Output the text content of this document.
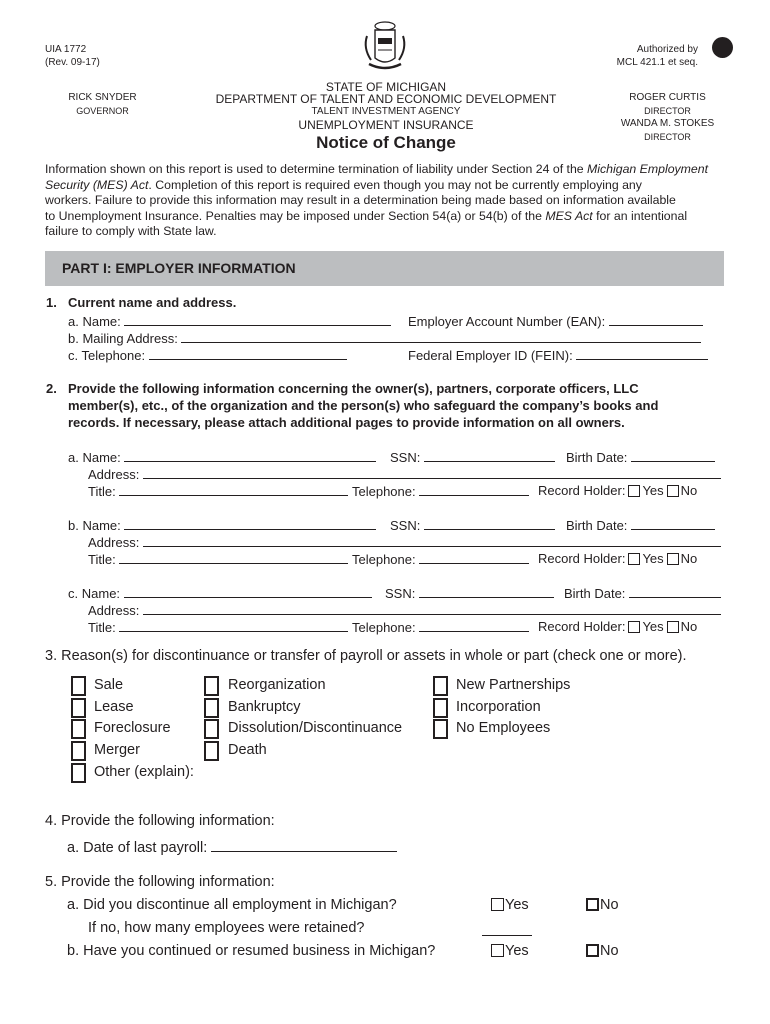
UIA 1772
(Rev. 09-17)
Authorized by
MCL 421.1 et seq.
RICK SNYDER
GOVERNOR
STATE OF MICHIGAN
DEPARTMENT OF TALENT AND ECONOMIC DEVELOPMENT
TALENT INVESTMENT AGENCY
UNEMPLOYMENT INSURANCE
Notice of Change
ROGER CURTIS
DIRECTOR
WANDA M. STOKES
DIRECTOR
Information shown on this report is used to determine termination of liability under Section 24 of the Michigan Employment
Security (MES) Act. Completion of this report is required even though you may not be currently employing any
workers. Failure to provide this information may result in a determination being made based on information available
to Unemployment Insurance. Penalties may be imposed under Section 54(a) or 54(b) of the MES Act for an intentional
failure to comply with State law.
PART I: EMPLOYER INFORMATION
1. Current name and address.
a. Name:	Employer Account Number (EAN):
b. Mailing Address:
c. Telephone:	Federal Employer ID (FEIN):
2. Provide the following information concerning the owner(s), partners, corporate officers, LLC
member(s), etc., of the organization and the person(s) who safeguard the company’s books and
records. If necessary, please attach additional pages to provide information on all owners.
a. Name:	SSN:	Birth Date:
Address:
Title:	Telephone:	Record Holder: Yes No
b. Name:	SSN:	Birth Date:
Address:
Title:	Telephone:	Record Holder: Yes No
c. Name:	SSN:	Birth Date:
Address:
Title:	Telephone:	Record Holder: Yes No
3. Reason(s) for discontinuance or transfer of payroll or assets in whole or part (check one or more).
Sale
Lease
Foreclosure
Merger
Other (explain):
Reorganization
Bankruptcy
Dissolution/Discontinuance
Death
New Partnerships
Incorporation
No Employees
4. Provide the following information:
a. Date of last payroll:
5. Provide the following information:
a. Did you discontinue all employment in Michigan?	Yes	No
If no, how many employees were retained?
b. Have you continued or resumed business in Michigan?	Yes	No
